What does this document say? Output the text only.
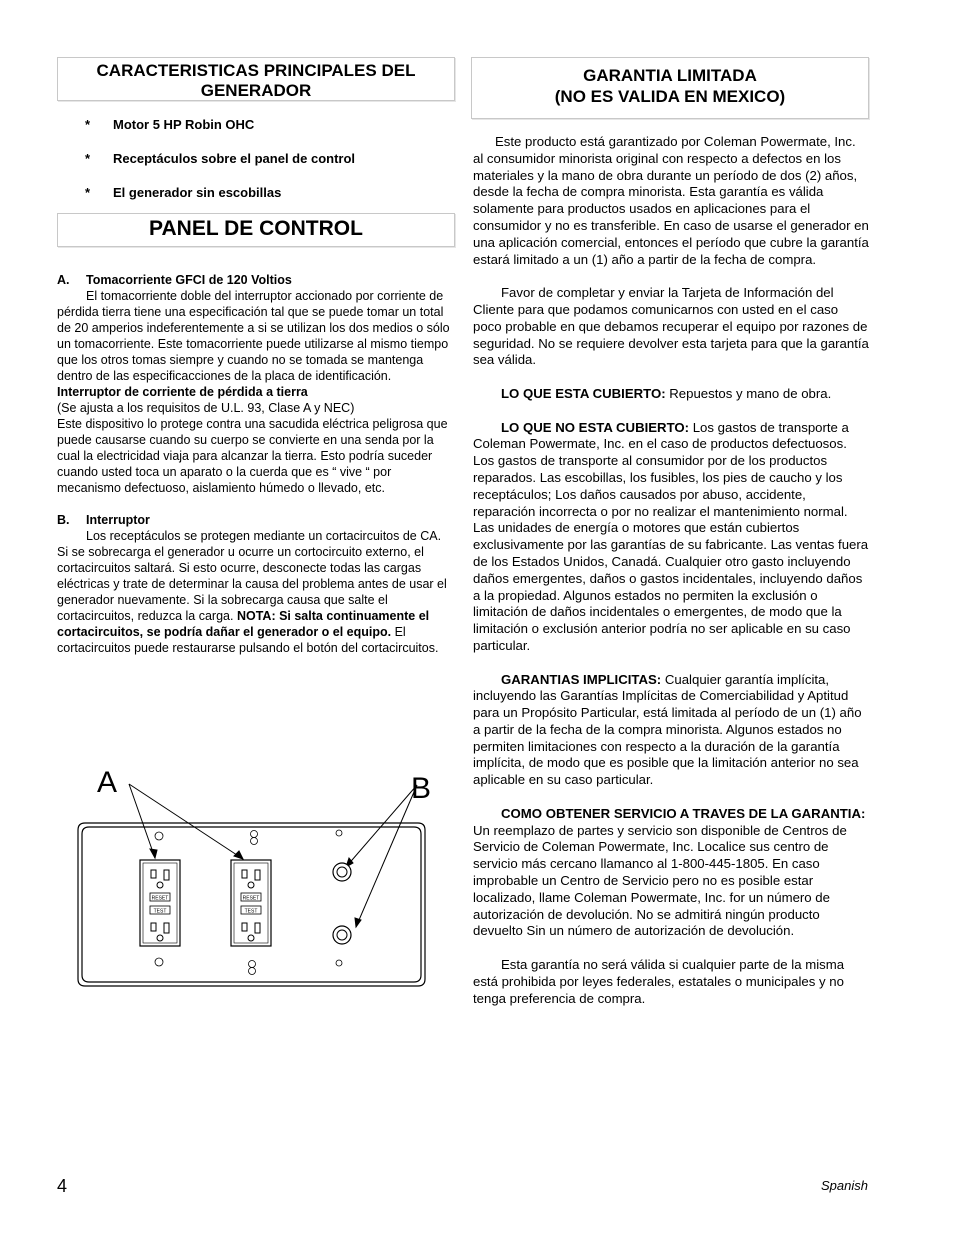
CARACTERISTICAS PRINCIPALES DEL GENERADOR
*	Motor 5 HP Robin OHC
*	Receptáculos sobre el panel de control
*	El generador sin escobillas
PANEL DE CONTROL
A.	Tomacorriente GFCI de 120 Voltios

El tomacorriente doble del interruptor accionado por corriente de pérdida tierra tiene una especificación tal que se puede tomar un total de 20 amperios indeferentemente a si se utilizan los dos medios o sólo un tomacorriente. Este tomacorriente puede utilizarse al mismo tiempo que los otros tomas siempre y cuando no se tomada se mantenga dentro de las especificacciones de la placa de identificación.

Interruptor de corriente de pérdida a tierra

(Se ajusta a los requisitos de U.L. 93, Clase A y NEC)

Este dispositivo lo protege contra una sacudida eléctrica peligrosa que puede causarse cuando su cuerpo se convierte en una senda por la cual la electricidad viaja para alcanzar la tierra. Esto podría suceder cuando usted toca un aparato o la cuerda que es “ vive “ por mecanismo defectuoso, aislamiento húmedo o llevado, etc.

B.	Interruptor

Los receptáculos se protegen mediante un cortacircuitos de CA. Si se sobrecarga el generador u ocurre un cortocircuito externo, el cortacircuitos saltará. Si esto ocurre, desconecte todas las cargas eléctricas y trate de determinar la causa del problema antes de usar el generador nuevamente. Si la sobrecarga causa que salte el cortacircuitos, reduzca la carga. NOTA: Si salta continuamente el cortacircuitos, se podría dañar el generador o el equipo. El cortacircuitos puede restaurarse pulsando el botón del cortacircuitos.

A	B
RESET
TEST
RESET
TEST
GARANTIA LIMITADA
(NO ES VALIDA EN MEXICO)

Este producto está garantizado por Coleman Powermate, Inc. al consumidor minorista original con respecto a defectos en los materiales y la mano de obra durante un período de dos (2) años, desde la fecha de compra minorista. Esta garantía es válida solamente para productos usados en aplicaciones para el consumidor y no es transferible. En caso de usarse el generador en una aplicación comercial, entonces el período que cubre la garantía estará limitado a un (1) año a partir de la fecha de compra.

Favor de completar y enviar la Tarjeta de Información del Cliente para que podamos comunicarnos con usted en el caso poco probable en que debamos recuperar el equipo por razones de seguridad. No se requiere devolver esta tarjeta para que la garantía sea válida.

LO QUE ESTA CUBIERTO: Repuestos y mano de obra.

LO QUE NO ESTA CUBIERTO: Los gastos de transporte a Coleman Powermate, Inc. en el caso de productos defectuosos. Los gastos de transporte al consumidor por de los productos reparados. Las escobillas, los fusibles, los pies de caucho y los receptáculos; Los daños causados por abuso, accidente, reparación incorrecta o por no realizar el mantenimiento normal. Las unidades de energía o motores que están cubiertos exclusivamente por las garantías de su fabricante. Las ventas fuera de los Estados Unidos, Canadá. Cualquier otro gasto incluyendo daños emergentes, daños o gastos incidentales, incluyendo daños a la propiedad. Algunos estados no permiten la exclusión o limitación de daños incidentales o emergentes, de modo que la limitación o exclusión anterior podría no ser aplicable en su caso particular.

GARANTIAS IMPLICITAS: Cualquier garantía implícita, incluyendo las Garantías Implícitas de Comerciabilidad y Aptitud para un Propósito Particular, está limitada al período de un (1) año a partir de la fecha de la compra minorista. Algunos estados no permiten limitaciones con respecto a la duración de la garantía implícita, de modo que es posible que la limitación anterior no sea aplicable en su caso particular.

COMO OBTENER SERVICIO A TRAVES DE LA GARANTIA: Un reemplazo de partes y servicio son disponible de Centros de Servicio de Coleman Powermate, Inc. Localice sus centro de servicio más cercano llamanco al 1-800-445-1805. En caso improbable un Centro de Servicio pero no es posible estar localizado, llame Coleman Powermate, Inc. for un número de autorización de devolución. No se admitirá ningún producto devuelto Sin un número de autorización de devolución.

Esta garantía no será válida si cualquier parte de la misma está prohibida por leyes federales, estatales o municipales y no tenga preferencia de compra.

4	Spanish
